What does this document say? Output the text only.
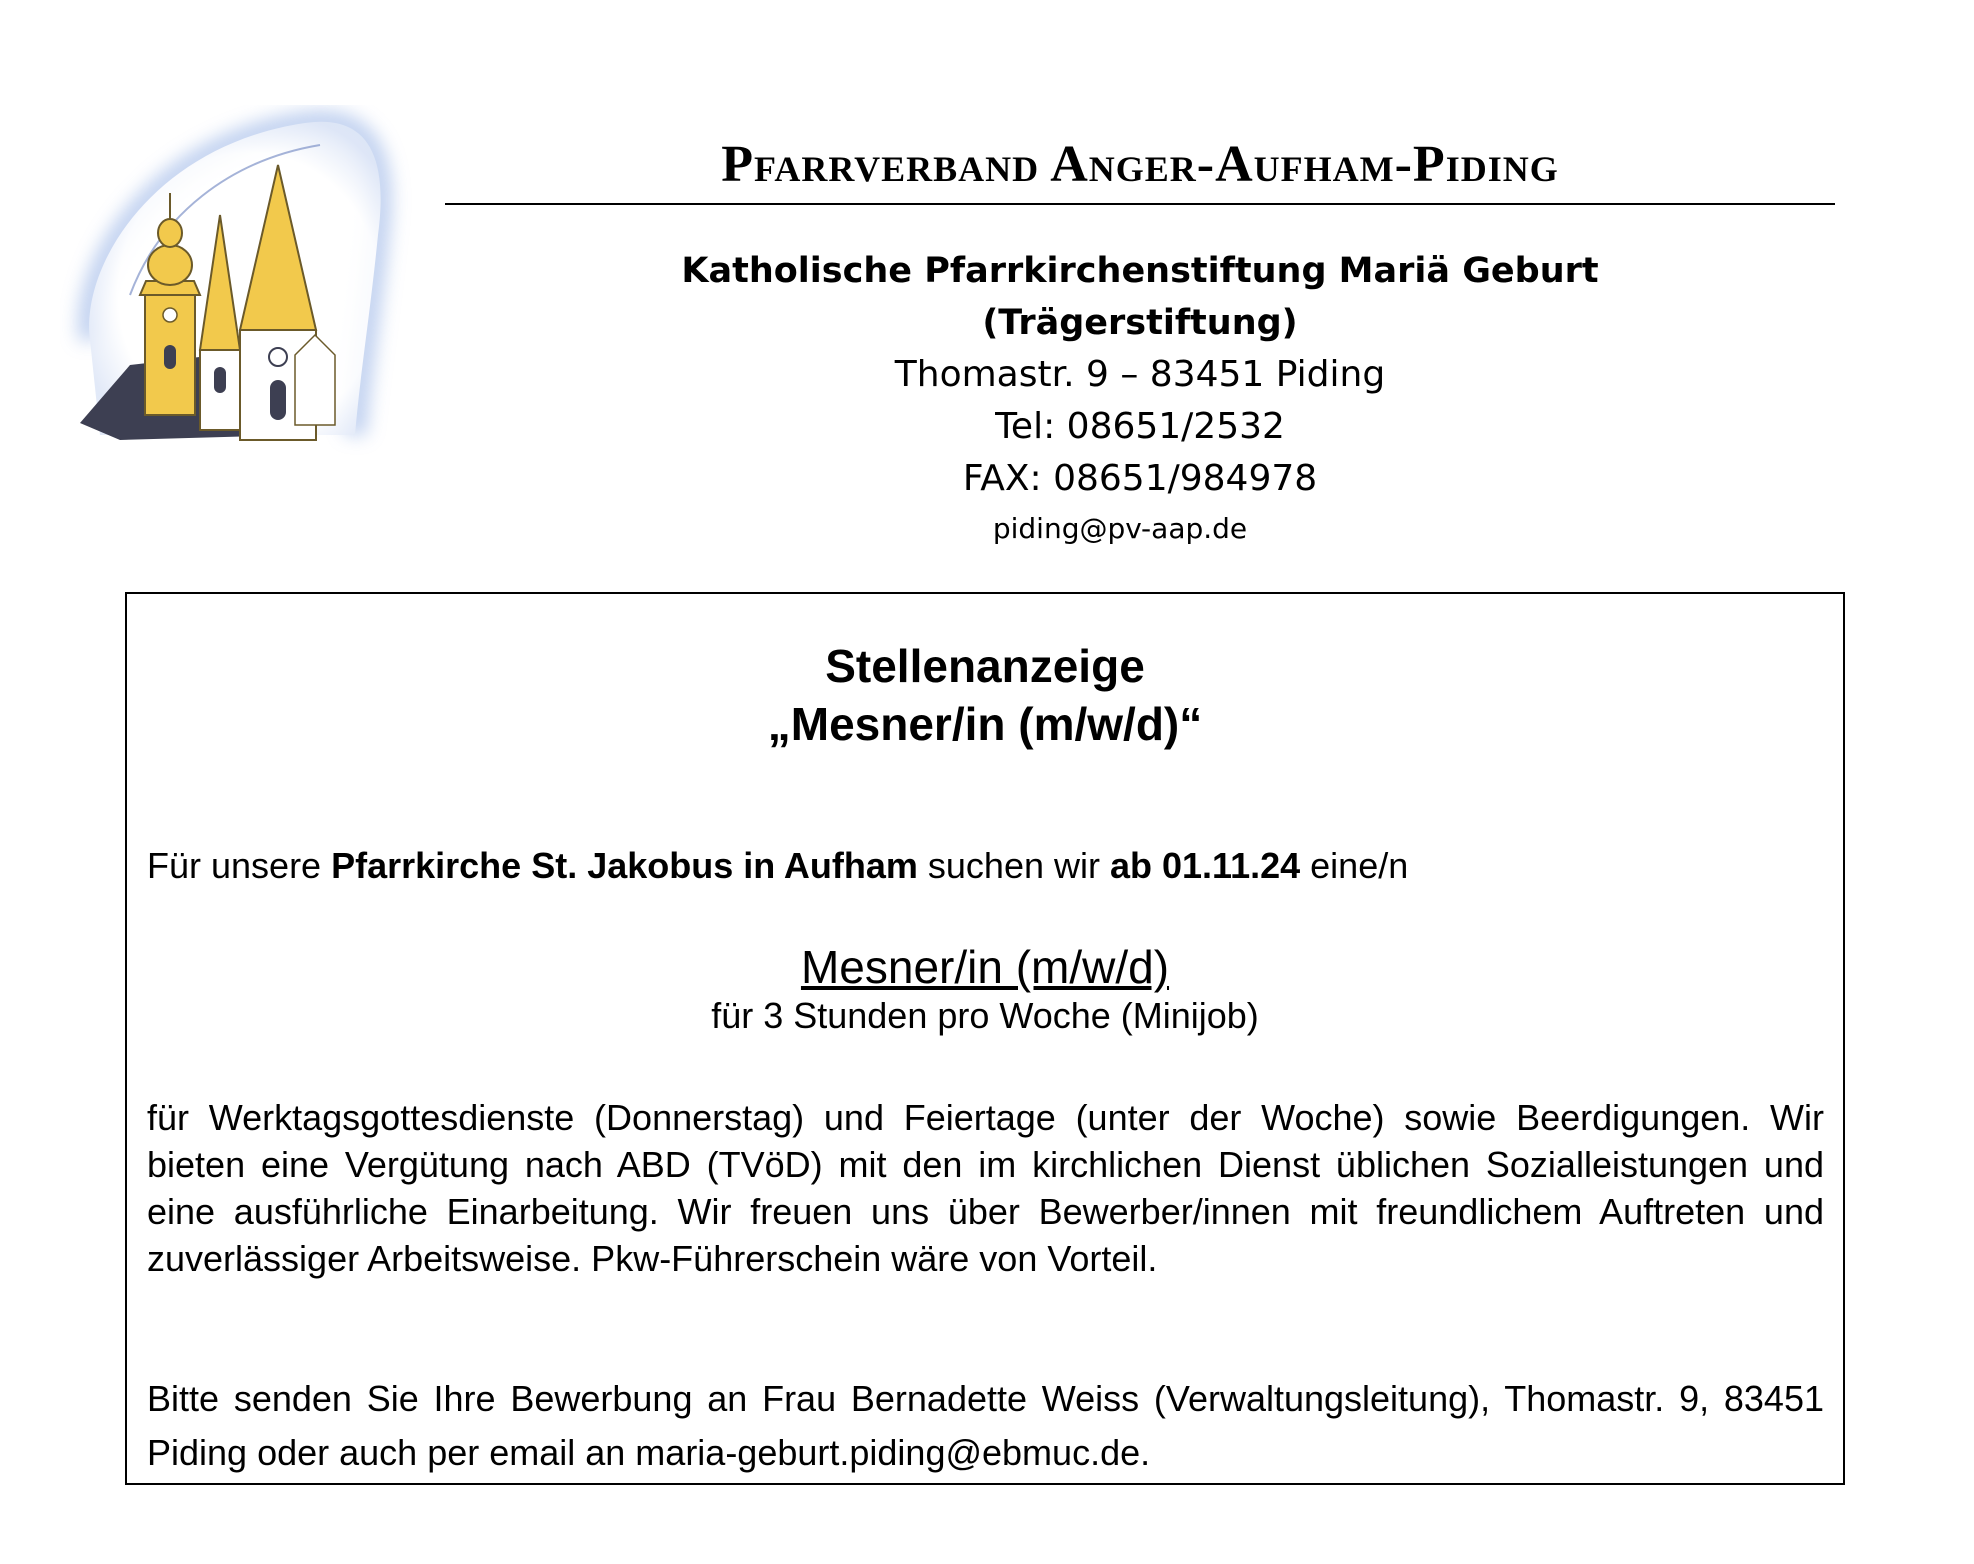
Pfarrverband Anger-Aufham-Piding
Katholische Pfarrkirchenstiftung Mariä Geburt
(Trägerstiftung)
Thomastr. 9 – 83451 Piding
Tel: 08651/2532
FAX: 08651/984978
piding@pv-aap.de
Stellenanzeige
„Mesner/in (m/w/d)“
Für unsere Pfarrkirche St. Jakobus in Aufham suchen wir ab 01.11.24 eine/n
Mesner/in (m/w/d)
für 3 Stunden pro Woche (Minijob)

für Werktagsgottesdienste (Donnerstag) und Feiertage (unter der Woche) sowie Beerdigungen. Wir bieten eine Vergütung nach ABD (TVöD) mit den im kirchlichen Dienst üblichen Sozialleistungen und eine ausführliche Einarbeitung. Wir freuen uns über Bewerber/innen mit freundlichem Auftreten und zuverlässiger Arbeitsweise. Pkw-Führerschein wäre von Vorteil.

Bitte senden Sie Ihre Bewerbung an Frau Bernadette Weiss (Verwaltungsleitung), Thomastr. 9, 83451 Piding oder auch per email an maria-geburt.piding@ebmuc.de.
